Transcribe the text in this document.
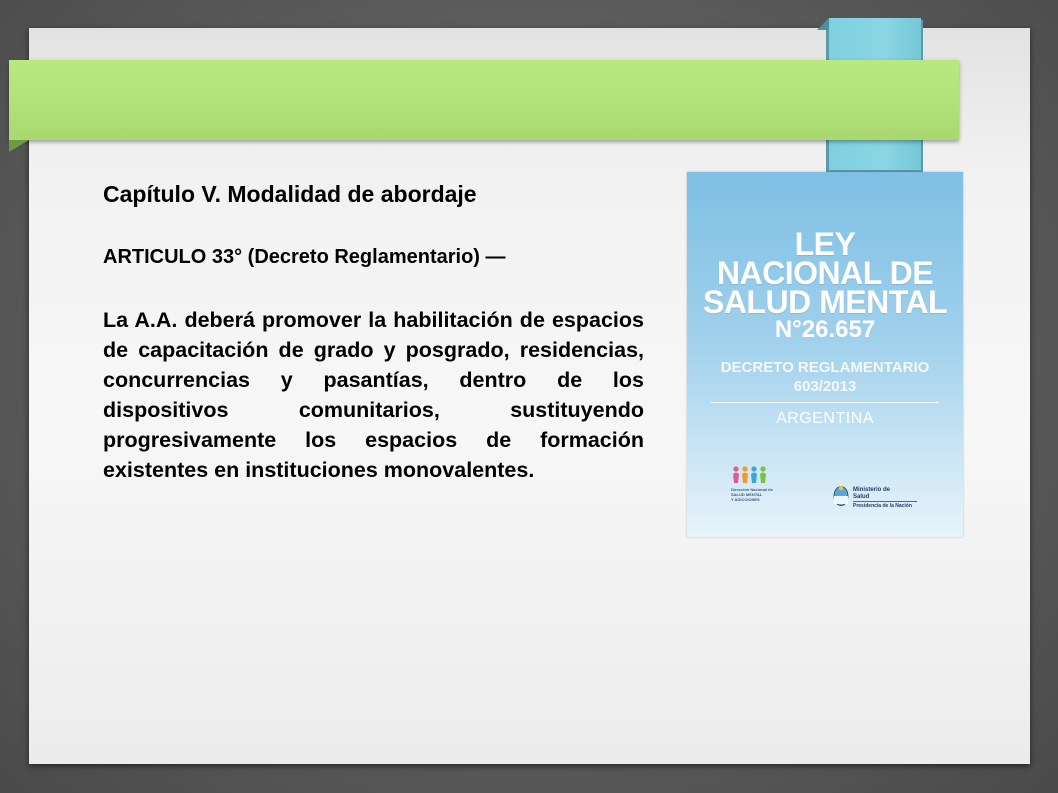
Capítulo V. Modalidad de abordaje
ARTICULO 33° (Decreto Reglamentario) —

La A.A. deberá promover la habilitación de espacios de capacitación de grado y posgrado, residencias, concurrencias y pasantías, dentro de los dispositivos comunitarios, sustituyendo progresivamente los espacios de formación existentes en instituciones monovalentes.

LEY
NACIONAL DE
SALUD MENTAL
N°26.657
DECRETO REGLAMENTARIO
603/2013
ARGENTINA
Dirección Nacional de
SALUD MENTAL
Y ADICCIONES
Ministerio de
Salud
Presidencia de la Nación
